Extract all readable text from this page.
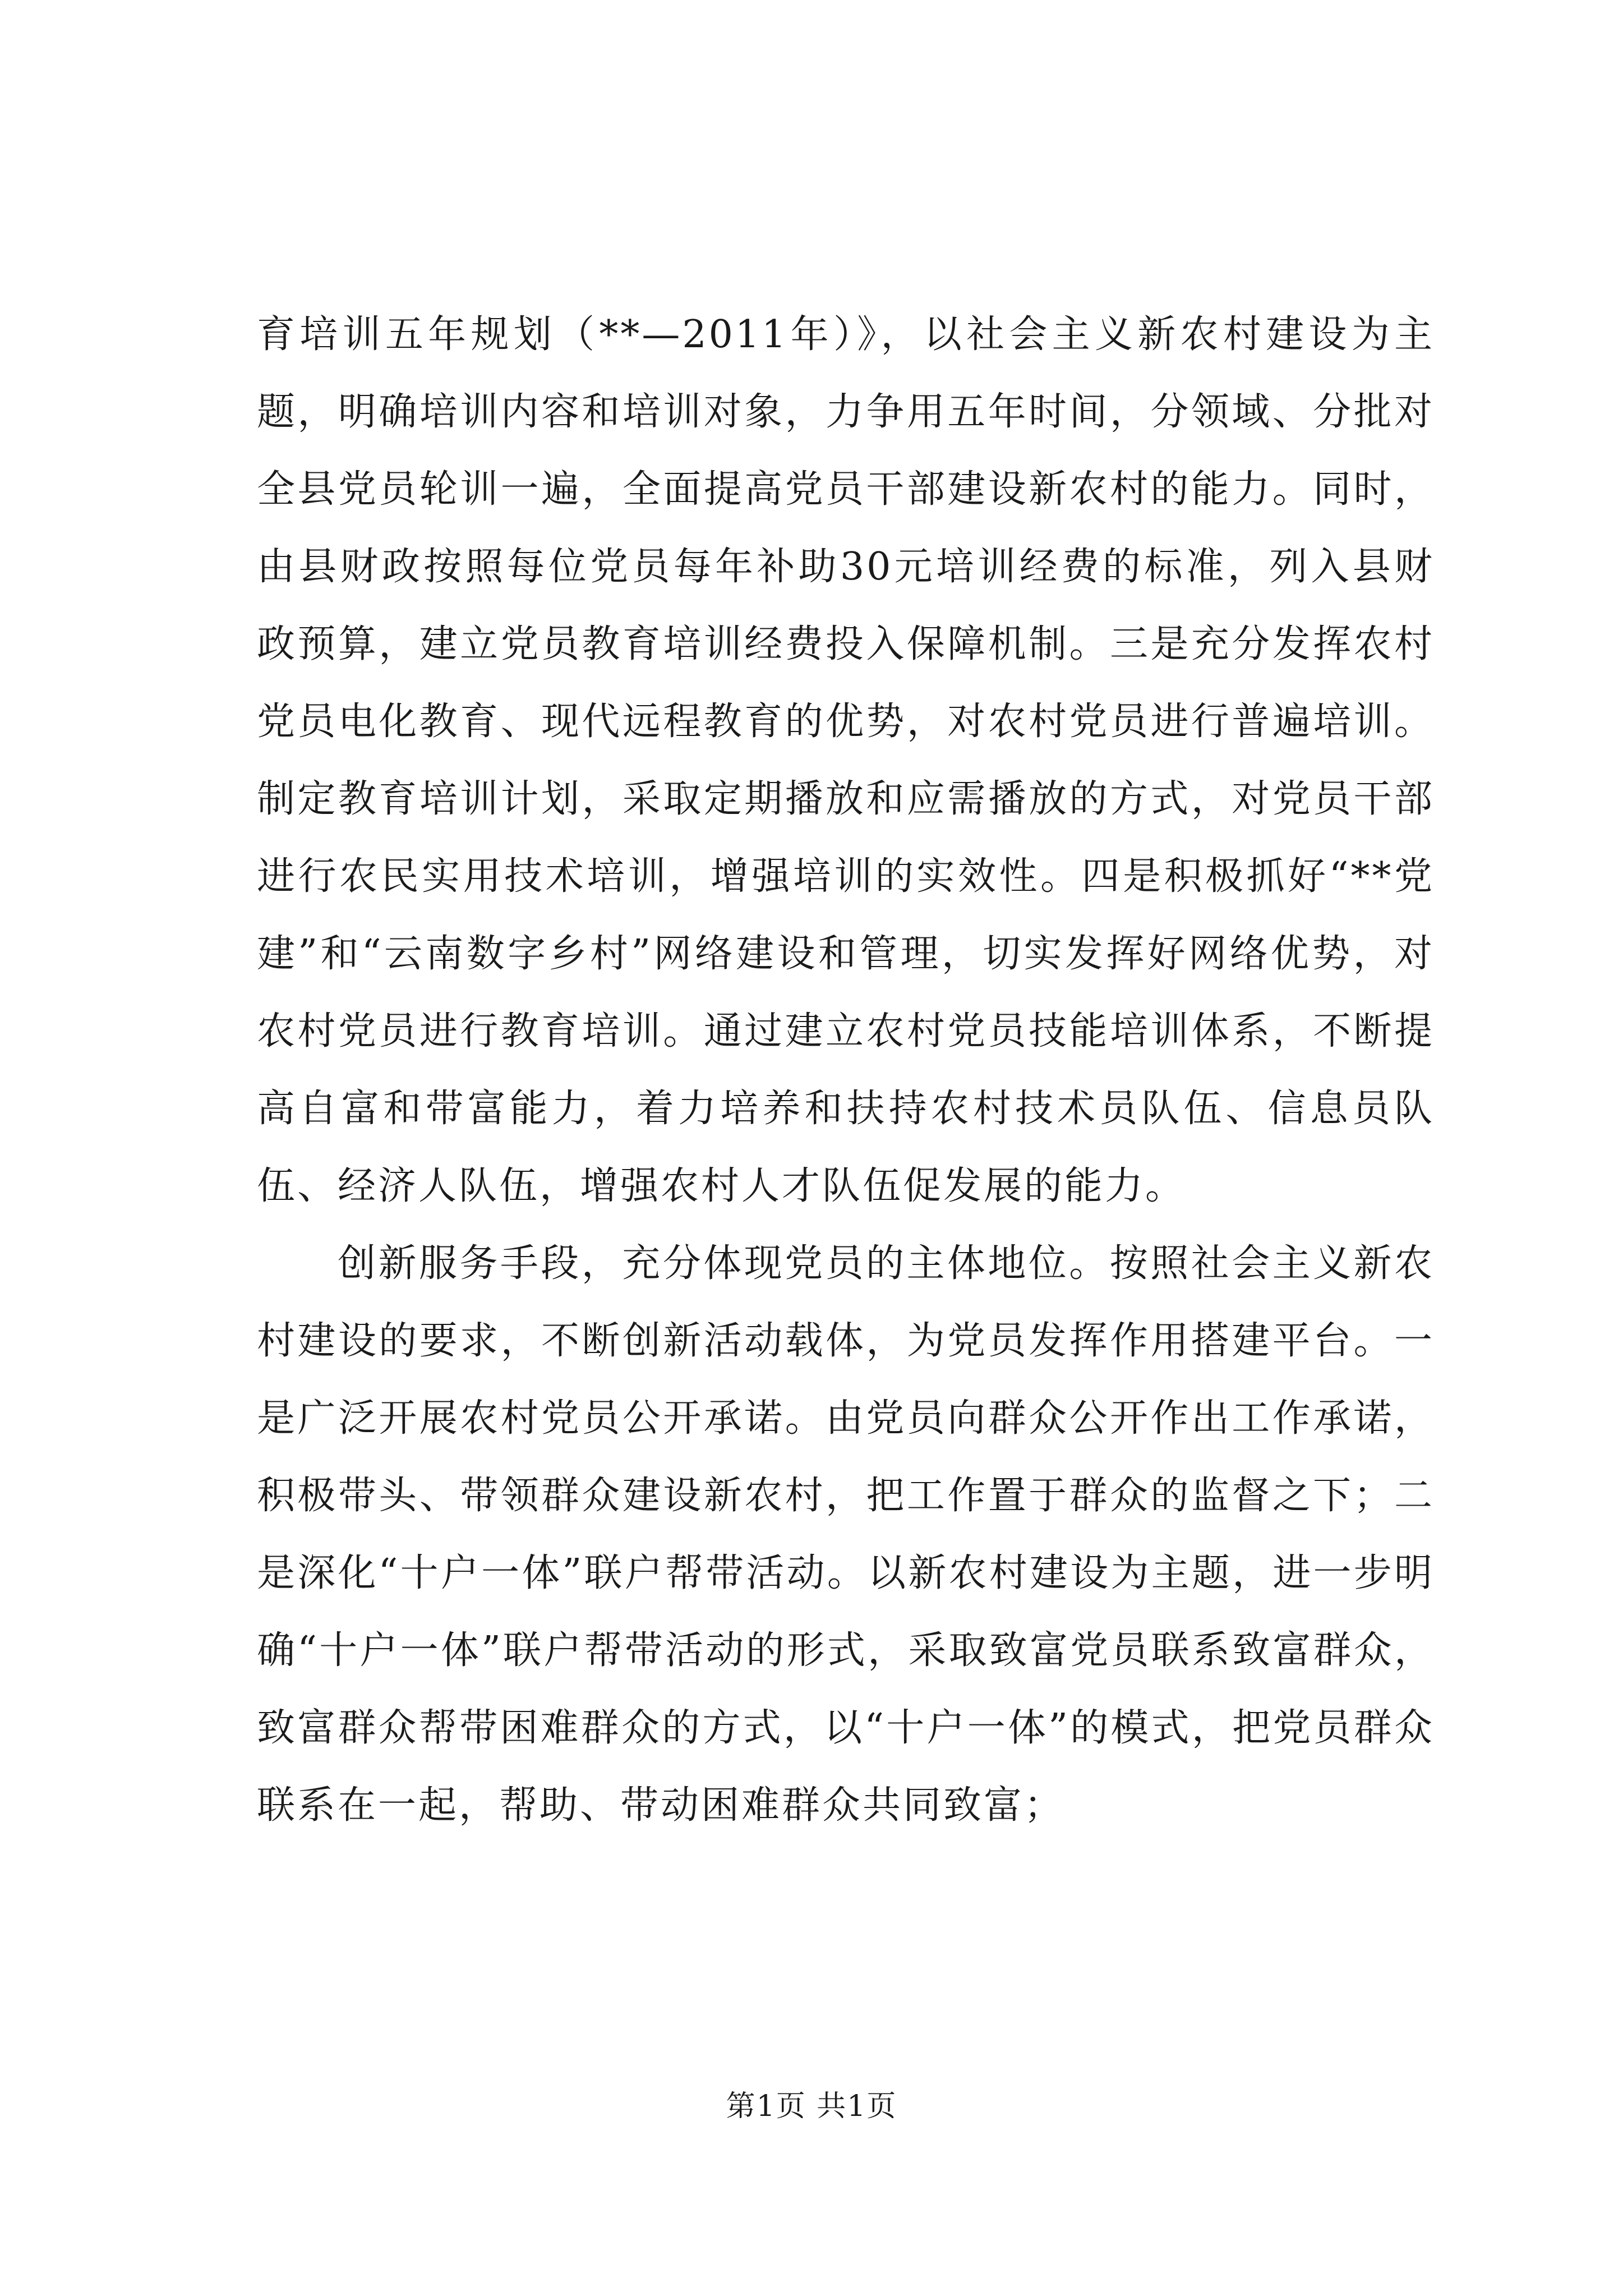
育培训五年规划（**—2011年）》，以社会主义新农村建设为主题，明确培训内容和培训对象，力争用五年时间，分领域、分批对全县党员轮训一遍，全面提高党员干部建设新农村的能力。同时，由县财政按照每位党员每年补助30元培训经费的标准，列入县财政预算，建立党员教育培训经费投入保障机制。三是充分发挥农村党员电化教育、现代远程教育的优势，对农村党员进行普遍培训。制定教育培训计划，采取定期播放和应需播放的方式，对党员干部进行农民实用技术培训，增强培训的实效性。四是积极抓好“**党建”和“云南数字乡村”网络建设和管理，切实发挥好网络优势，对农村党员进行教育培训。通过建立农村党员技能培训体系，不断提高自富和带富能力，着力培养和扶持农村技术员队伍、信息员队伍、经济人队伍，增强农村人才队伍促发展的能力。

创新服务手段，充分体现党员的主体地位。按照社会主义新农村建设的要求，不断创新活动载体，为党员发挥作用搭建平台。一是广泛开展农村党员公开承诺。由党员向群众公开作出工作承诺，积极带头、带领群众建设新农村，把工作置于群众的监督之下；二是深化“十户一体”联户帮带活动。以新农村建设为主题，进一步明确“十户一体”联户帮带活动的形式，采取致富党员联系致富群众，致富群众帮带困难群众的方式，以“十户一体”的模式，把党员群众联系在一起，帮助、带动困难群众共同致富；

第1页 共1页
